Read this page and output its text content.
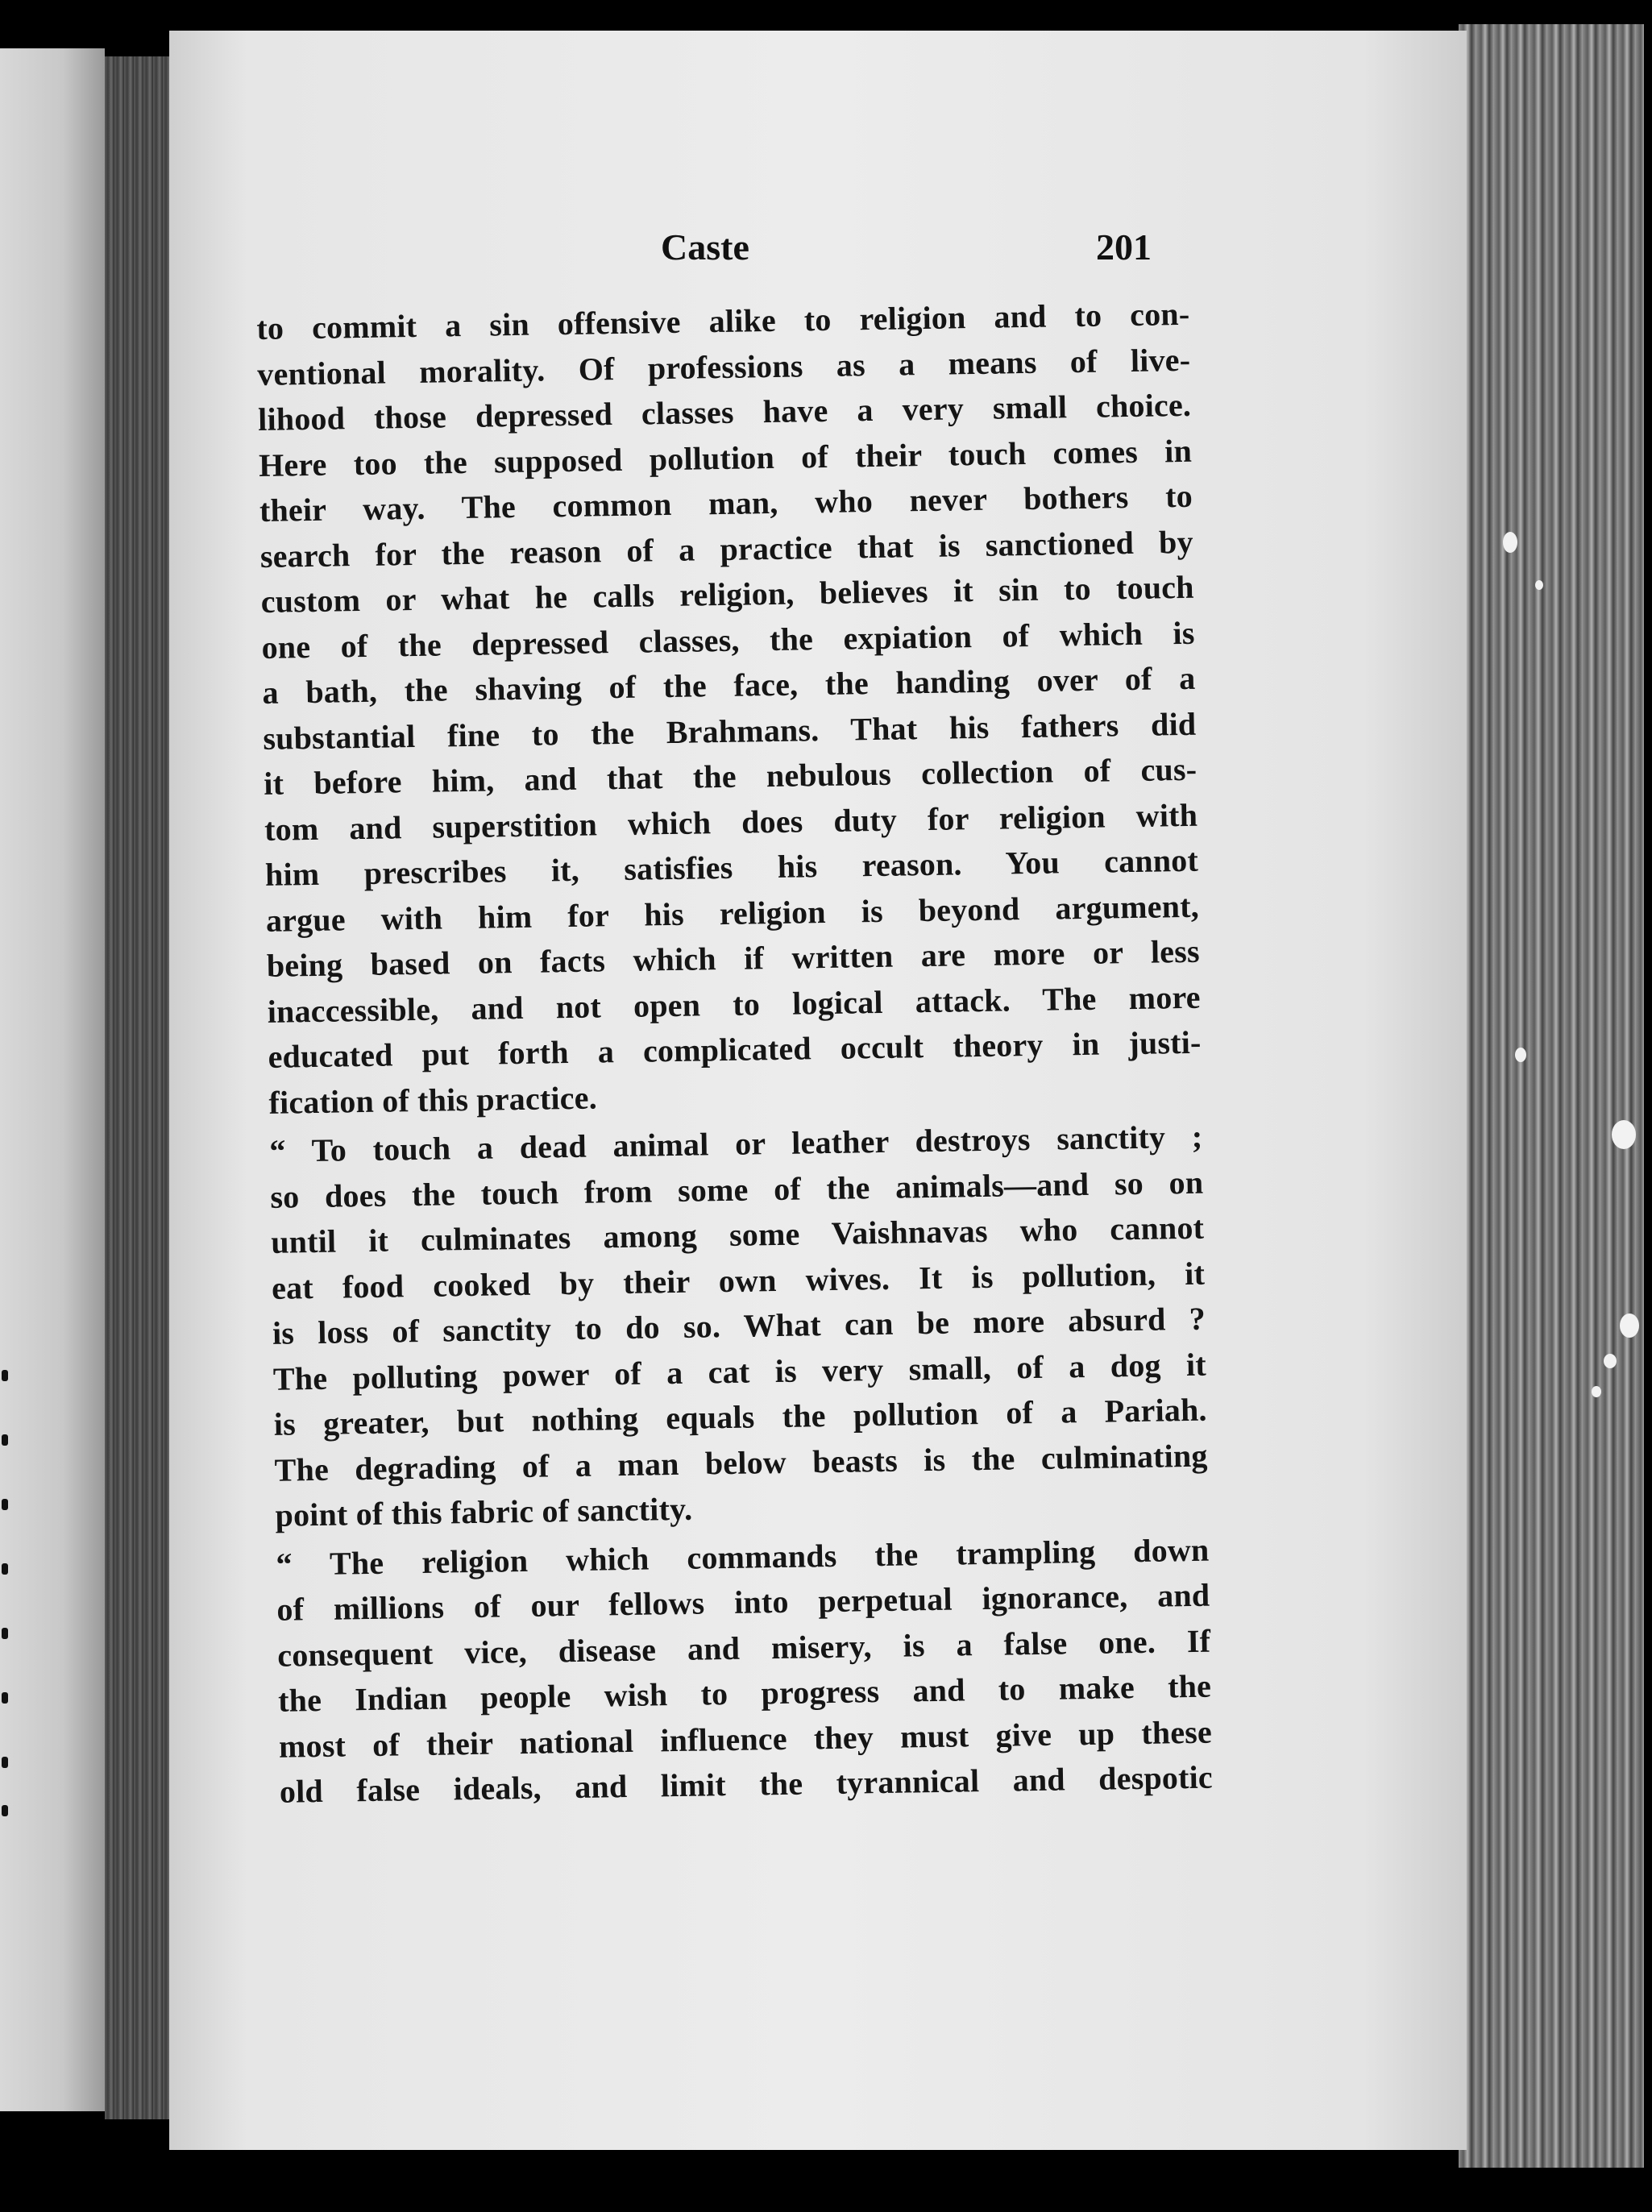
Caste	201
to commit a sin offensive alike to religion and to con-
ventional morality. Of professions as a means of live-
lihood those depressed classes have a very small choice.
Here too the supposed pollution of their touch comes in
their way. The common man, who never bothers to
search for the reason of a practice that is sanctioned by
custom or what he calls religion, believes it sin to touch
one of the depressed classes, the expiation of which is
a bath, the shaving of the face, the handing over of a
substantial fine to the Brahmans. That his fathers did
it before him, and that the nebulous collection of cus-
tom and superstition which does duty for religion with
him prescribes it, satisfies his reason. You cannot
argue with him for his religion is beyond argument,
being based on facts which if written are more or less
inaccessible, and not open to logical attack. The more
educated put forth a complicated occult theory in justi-
fication of this practice.
“ To touch a dead animal or leather destroys sanctity ;
so does the touch from some of the animals—and so on
until it culminates among some Vaishnavas who cannot
eat food cooked by their own wives. It is pollution, it
is loss of sanctity to do so. What can be more absurd ?
The polluting power of a cat is very small, of a dog it
is greater, but nothing equals the pollution of a Pariah.
The degrading of a man below beasts is the culminating
point of this fabric of sanctity.
“ The religion which commands the trampling down
of millions of our fellows into perpetual ignorance, and
consequent vice, disease and misery, is a false one. If
the Indian people wish to progress and to make the
most of their national influence they must give up these
old false ideals, and limit the tyrannical and despotic
